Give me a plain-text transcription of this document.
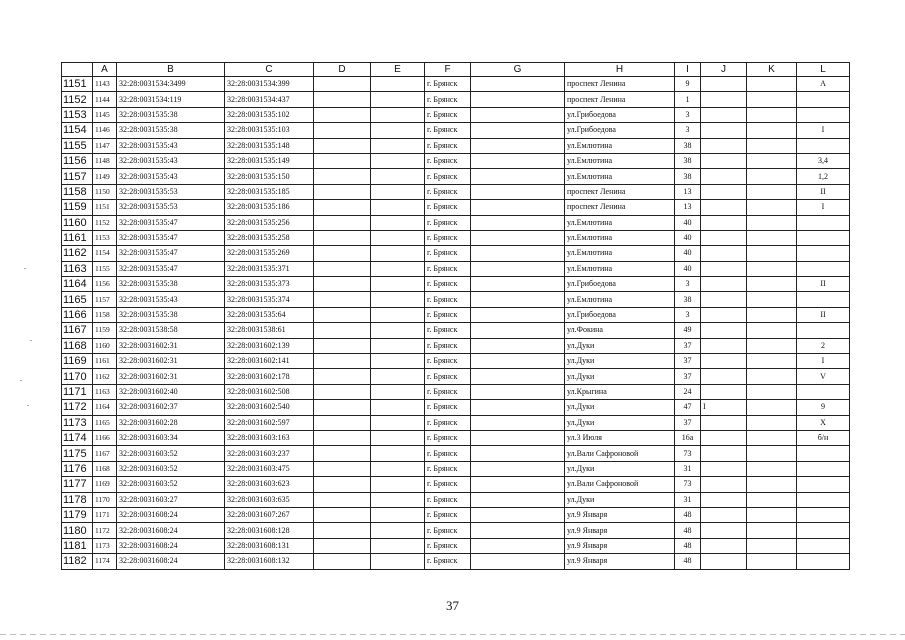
	A	B	C	D	E	F	G	H	I	J	K	L
1151	1143	32:28:0031534:3499	32:28:0031534:399			г. Брянск		проспект Ленина	9			А
1152	1144	32:28:0031534:119	32:28:0031534:437			г. Брянск		проспект Ленина	1			
1153	1145	32:28:0031535:38	32:28:0031535:102			г. Брянск		ул.Грибоедова	3			
1154	1146	32:28:0031535:38	32:28:0031535:103			г. Брянск		ул.Грибоедова	3			I
1155	1147	32:28:0031535:43	32:28:0031535:148			г. Брянск		ул.Емлютина	38			
1156	1148	32:28:0031535:43	32:28:0031535:149			г. Брянск		ул.Емлютина	38			3,4
1157	1149	32:28:0031535:43	32:28:0031535:150			г. Брянск		ул.Емлютина	38			1,2
1158	1150	32:28:0031535:53	32:28:0031535:185			г. Брянск		проспект Ленина	13			II
1159	1151	32:28:0031535:53	32:28:0031535:186			г. Брянск		проспект Ленина	13			I
1160	1152	32:28:0031535:47	32:28:0031535:256			г. Брянск		ул.Емлютина	40			
1161	1153	32:28:0031535:47	32:28:0031535:258			г. Брянск		ул.Емлютина	40			
1162	1154	32:28:0031535:47	32:28:0031535:269			г. Брянск		ул.Емлютина	40			
1163	1155	32:28:0031535:47	32:28:0031535:371			г. Брянск		ул.Емлютина	40			
1164	1156	32:28:0031535:38	32:28:0031535:373			г. Брянск		ул.Грибоедова	3			II
1165	1157	32:28:0031535:43	32:28:0031535:374			г. Брянск		ул.Емлютина	38			
1166	1158	32:28:0031535:38	32:28:0031535:64			г. Брянск		ул.Грибоедова	3			II
1167	1159	32:28:0031538:58	32:28:0031538:61			г. Брянск		ул.Фокина	49			
1168	1160	32:28:0031602:31	32:28:0031602:139			г. Брянск		ул.Дуки	37			2
1169	1161	32:28:0031602:31	32:28:0031602:141			г. Брянск		ул.Дуки	37			I
1170	1162	32:28:0031602:31	32:28:0031602:178			г. Брянск		ул.Дуки	37			V
1171	1163	32:28:0031602:40	32:28:0031602:508			г. Брянск		ул.Крыгина	24			
1172	1164	32:28:0031602:37	32:28:0031602:540			г. Брянск		ул.Дуки	47	I		9
1173	1165	32:28:0031602:28	32:28:0031602:597			г. Брянск		ул.Дуки	37			X
1174	1166	32:28:0031603:34	32:28:0031603:163			г. Брянск		ул.3 Июля	16а			б/н
1175	1167	32:28:0031603:52	32:28:0031603:237			г. Брянск		ул.Вали Сафроновой	73			
1176	1168	32:28:0031603:52	32:28:0031603:475			г. Брянск		ул.Дуки	31			
1177	1169	32:28:0031603:52	32:28:0031603:623			г. Брянск		ул.Вали Сафроновой	73			
1178	1170	32:28:0031603:27	32:28:0031603:635			г. Брянск		ул.Дуки	31			
1179	1171	32:28:0031608:24	32:28:0031607:267			г. Брянск		ул.9 Января	48			
1180	1172	32:28:0031608:24	32:28:0031608:128			г. Брянск		ул.9 Января	48			
1181	1173	32:28:0031608:24	32:28:0031608:131			г. Брянск		ул.9 Января	48			
1182	1174	32:28:0031608:24	32:28:0031608:132			г. Брянск		ул.9 Января	48			
37
